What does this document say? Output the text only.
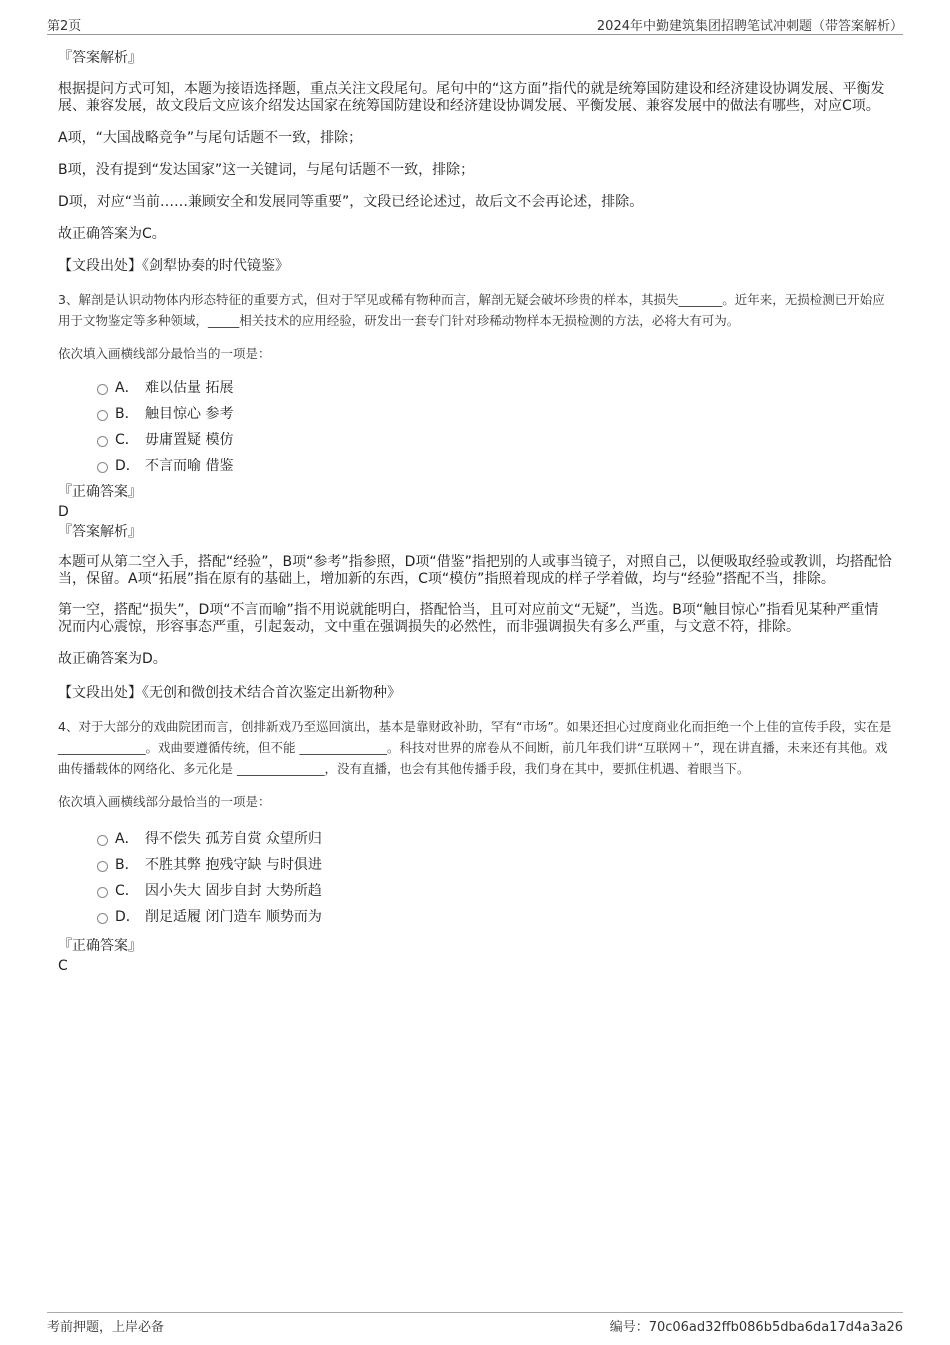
第2页	2024年中勤建筑集团招聘笔试冲刺题（带答案解析）

『答案解析』

根据提问方式可知，本题为接语选择题，重点关注文段尾句。尾句中的“这方面”指代的就是统筹国防建设和经济建设协调发展、平衡发展、兼容发展，故文段后文应该介绍发达国家在统筹国防建设和经济建设协调发展、平衡发展、兼容发展中的做法有哪些，对应C项。

A项，“大国战略竞争”与尾句话题不一致，排除；

B项，没有提到“发达国家”这一关键词，与尾句话题不一致，排除；

D项，对应“当前……兼顾安全和发展同等重要”，文段已经论述过，故后文不会再论述，排除。

故正确答案为C。

【文段出处】《剑犁协奏的时代镜鉴》

3、解剖是认识动物体内形态特征的重要方式，但对于罕见或稀有物种而言，解剖无疑会破坏珍贵的样本，其损失_______。近年来，无损检测已开始应用于文物鉴定等多种领域，_____相关技术的应用经验，研发出一套专门针对珍稀动物样本无损检测的方法，必将大有可为。

依次填入画横线部分最恰当的一项是：

A． 难以估量 拓展
B． 触目惊心 参考
C． 毋庸置疑 模仿
D． 不言而喻 借鉴

『正确答案』

D

『答案解析』

本题可从第二空入手，搭配“经验”，B项“参考”指参照，D项“借鉴”指把别的人或事当镜子，对照自己，以便吸取经验或教训，均搭配恰当，保留。A项“拓展”指在原有的基础上，增加新的东西，C项“模仿”指照着现成的样子学着做，均与“经验”搭配不当，排除。

第一空，搭配“损失”，D项“不言而喻”指不用说就能明白，搭配恰当，且可对应前文“无疑”，当选。B项“触目惊心”指看见某种严重情况而内心震惊，形容事态严重，引起轰动，文中重在强调损失的必然性，而非强调损失有多么严重，与文意不符，排除。

故正确答案为D。

【文段出处】《无创和微创技术结合首次鉴定出新物种》

4、对于大部分的戏曲院团而言，创排新戏乃至巡回演出，基本是靠财政补助，罕有“市场”。如果还担心过度商业化而拒绝一个上佳的宣传手段，实在是 ______________。戏曲要遵循传统，但不能 ______________。科技对世界的席卷从不间断，前几年我们讲“互联网＋”，现在讲直播，未来还有其他。戏曲传播载体的网络化、多元化是 ______________，没有直播，也会有其他传播手段，我们身在其中，要抓住机遇、着眼当下。

依次填入画横线部分最恰当的一项是：

A． 得不偿失 孤芳自赏 众望所归
B． 不胜其弊 抱残守缺 与时俱进
C． 因小失大 固步自封 大势所趋
D． 削足适履 闭门造车 顺势而为

『正确答案』

C

考前押题，上岸必备	编号：70c06ad32ffb086b5dba6da17d4a3a26
